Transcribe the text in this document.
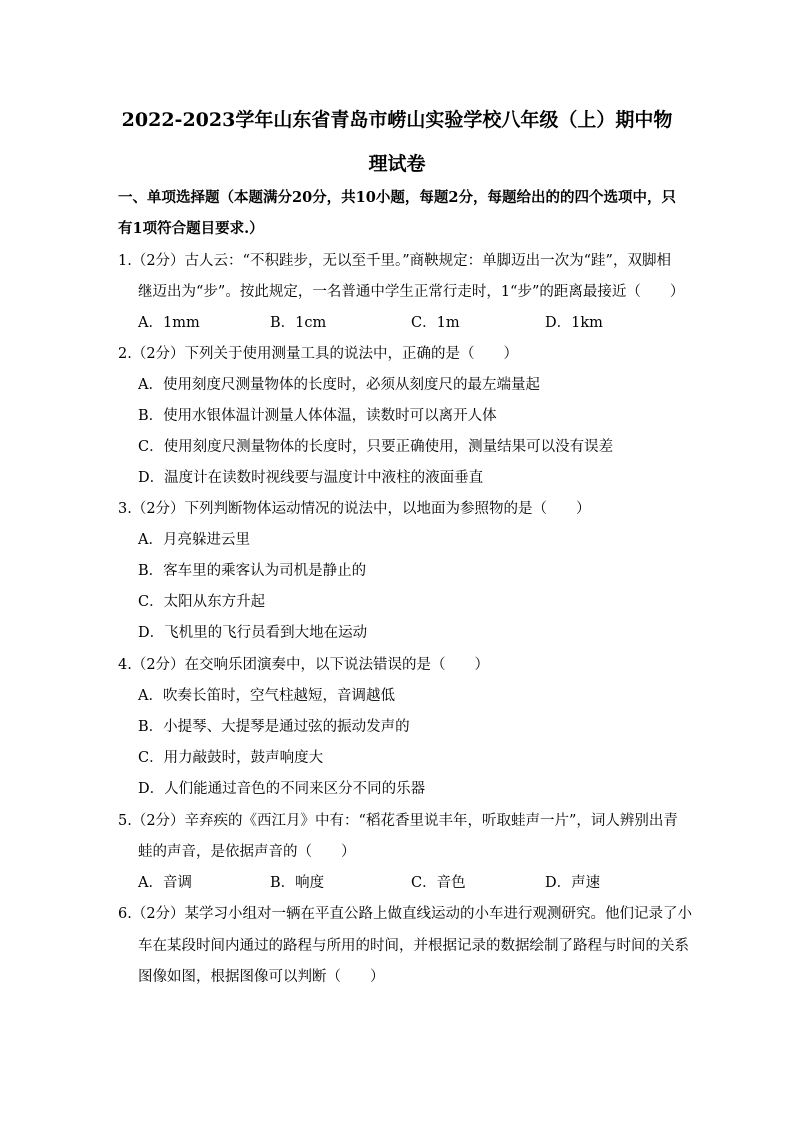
2022-2023学年山东省青岛市崂山实验学校八年级（上）期中物
理试卷
一、单项选择题（本题满分20分，共10小题，每题2分，每题给出的的四个选项中，只
有1项符合题目要求.）
1.（2分）古人云：“不积跬步，无以至千里。”商鞅规定：单脚迈出一次为“跬”，双脚相
继迈出为“步”。按此规定，一名普通中学生正常行走时，1“步”的距离最接近（　　）
A．1mm	B．1cm	C．1m	D．1km
2.（2分）下列关于使用测量工具的说法中，正确的是（　　）
A．使用刻度尺测量物体的长度时，必须从刻度尺的最左端量起
B．使用水银体温计测量人体体温，读数时可以离开人体
C．使用刻度尺测量物体的长度时，只要正确使用，测量结果可以没有误差
D．温度计在读数时视线要与温度计中液柱的液面垂直
3.（2分）下列判断物体运动情况的说法中，以地面为参照物的是（　　）
A．月亮躲进云里
B．客车里的乘客认为司机是静止的
C．太阳从东方升起
D．飞机里的飞行员看到大地在运动
4.（2分）在交响乐团演奏中，以下说法错误的是（　　）
A．吹奏长笛时，空气柱越短，音调越低
B．小提琴、大提琴是通过弦的振动发声的
C．用力敲鼓时，鼓声响度大
D．人们能通过音色的不同来区分不同的乐器
5.（2分）辛弃疾的《西江月》中有：“稻花香里说丰年，听取蛙声一片”，词人辨别出青
蛙的声音，是依据声音的（　　）
A．音调	B．响度	C．音色	D．声速
6.（2分）某学习小组对一辆在平直公路上做直线运动的小车进行观测研究。他们记录了小
车在某段时间内通过的路程与所用的时间，并根据记录的数据绘制了路程与时间的关系
图像如图，根据图像可以判断（　　）
